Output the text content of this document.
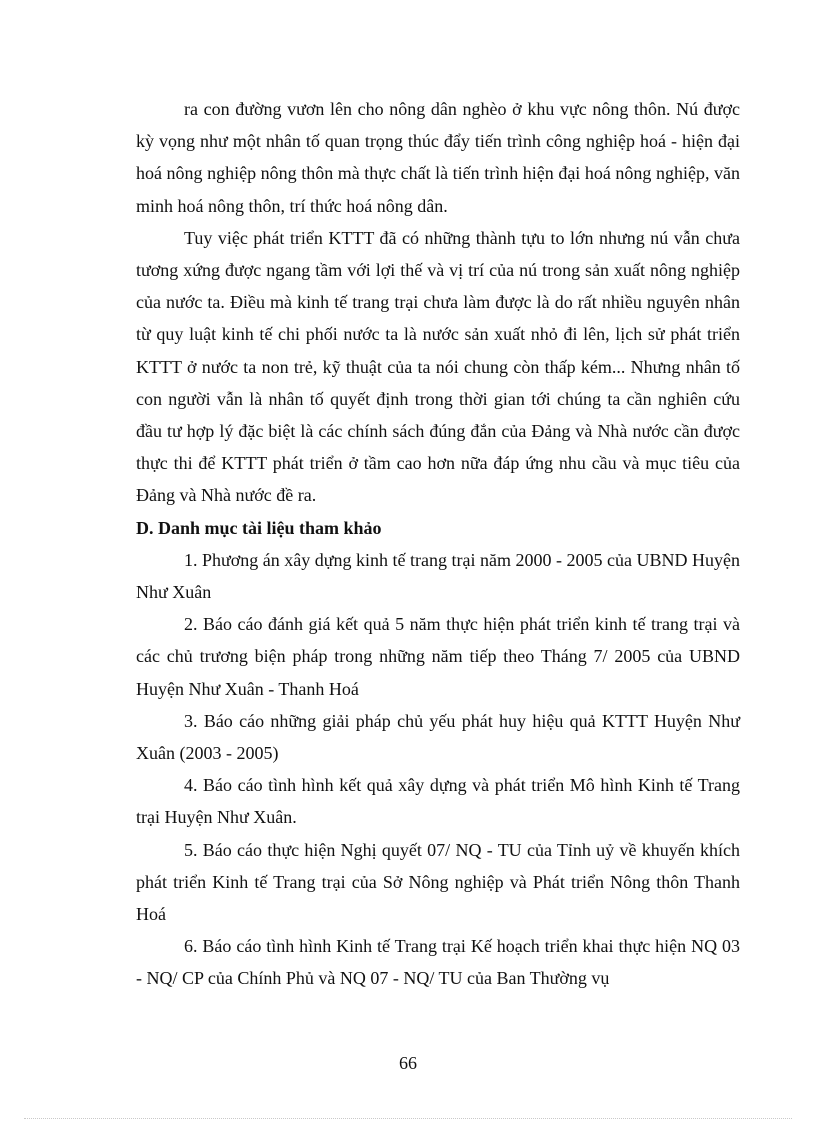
ra con đường vươn lên cho nông dân nghèo ở khu vực nông thôn. Nú được kỳ vọng như một nhân tố quan trọng thúc đẩy tiến trình công nghiệp hoá - hiện đại hoá nông nghiệp nông thôn mà thực chất là tiến trình hiện đại hoá nông nghiệp, văn minh hoá nông thôn, trí thức hoá nông dân.

Tuy việc phát triển KTTT đã có những thành tựu to lớn nhưng nú vẫn chưa tương xứng được ngang tầm với lợi thế và vị trí của nú trong sản xuất nông nghiệp của nước ta. Điều mà kinh tế trang trại chưa làm được là do rất nhiều nguyên nhân từ quy luật kinh tế chi phối nước ta là nước sản xuất nhỏ đi lên, lịch sử phát triển KTTT ở nước ta non trẻ, kỹ thuật của ta nói chung còn thấp kém... Nhưng nhân tố con người vẫn là nhân tố quyết định trong thời gian tới chúng ta cần nghiên cứu đầu tư hợp lý đặc biệt là các chính sách đúng đắn của Đảng và Nhà nước cần được thực thi để KTTT phát triển ở tầm cao hơn nữa đáp ứng nhu cầu và mục tiêu của Đảng và Nhà nước đề ra.

D. Danh mục tài liệu tham khảo

1. Phương án xây dựng kinh tế trang trại năm 2000 - 2005 của UBND Huyện Như Xuân

2. Báo cáo đánh giá kết quả 5 năm thực hiện phát triển kinh tế trang trại và các chủ trương biện pháp trong những năm tiếp theo Tháng 7/ 2005 của UBND Huyện Như Xuân - Thanh Hoá

3. Báo cáo những giải pháp chủ yếu phát huy hiệu quả KTTT Huyện Như Xuân (2003 - 2005)

4. Báo cáo tình hình kết quả xây dựng và phát triển Mô hình Kinh tế Trang trại Huyện Như Xuân.

5. Báo cáo thực hiện Nghị quyết 07/ NQ - TU của Tỉnh uỷ về khuyến khích phát triển Kinh tế Trang trại của Sở Nông nghiệp và Phát triển Nông thôn Thanh Hoá

6. Báo cáo tình hình Kinh tế Trang trại Kế hoạch triển khai thực hiện NQ 03 - NQ/ CP của Chính Phủ và NQ 07 - NQ/ TU của Ban Thường vụ

66
